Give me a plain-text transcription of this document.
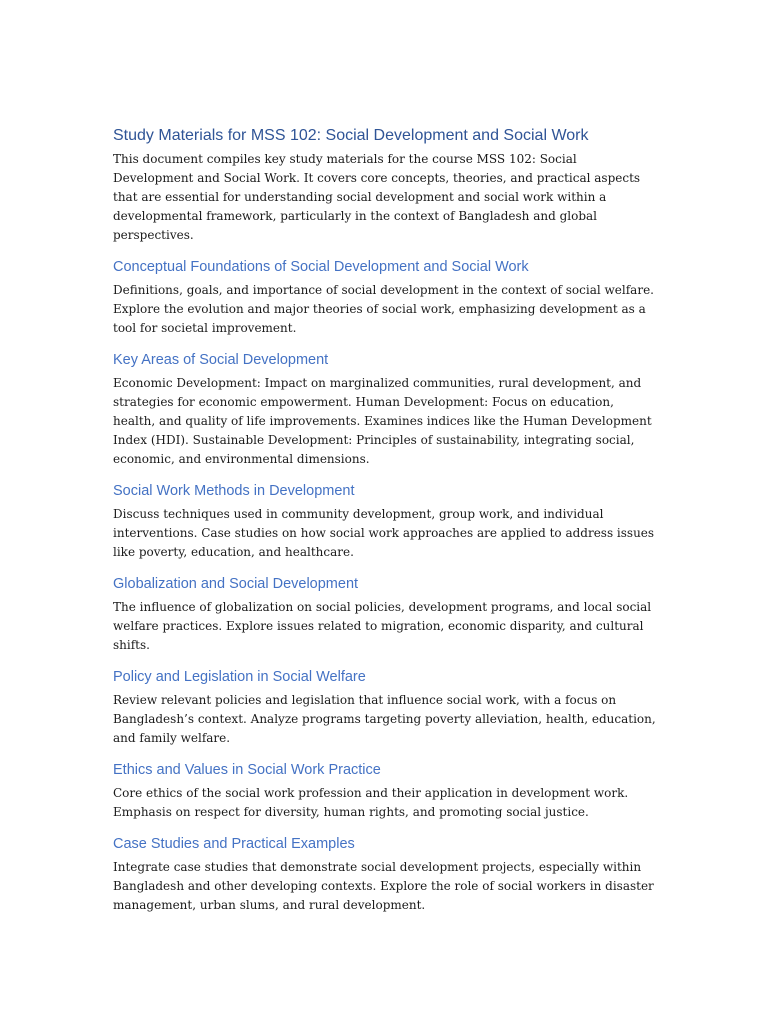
Study Materials for MSS 102: Social Development and Social Work

This document compiles key study materials for the course MSS 102: Social Development and Social Work. It covers core concepts, theories, and practical aspects that are essential for understanding social development and social work within a developmental framework, particularly in the context of Bangladesh and global perspectives.

Conceptual Foundations of Social Development and Social Work

Definitions, goals, and importance of social development in the context of social welfare. Explore the evolution and major theories of social work, emphasizing development as a tool for societal improvement.

Key Areas of Social Development

Economic Development: Impact on marginalized communities, rural development, and strategies for economic empowerment. Human Development: Focus on education, health, and quality of life improvements. Examines indices like the Human Development Index (HDI). Sustainable Development: Principles of sustainability, integrating social, economic, and environmental dimensions.

Social Work Methods in Development

Discuss techniques used in community development, group work, and individual interventions. Case studies on how social work approaches are applied to address issues like poverty, education, and healthcare.

Globalization and Social Development

The influence of globalization on social policies, development programs, and local social welfare practices. Explore issues related to migration, economic disparity, and cultural shifts.

Policy and Legislation in Social Welfare

Review relevant policies and legislation that influence social work, with a focus on Bangladesh’s context. Analyze programs targeting poverty alleviation, health, education, and family welfare.

Ethics and Values in Social Work Practice

Core ethics of the social work profession and their application in development work. Emphasis on respect for diversity, human rights, and promoting social justice.

Case Studies and Practical Examples

Integrate case studies that demonstrate social development projects, especially within Bangladesh and other developing contexts. Explore the role of social workers in disaster management, urban slums, and rural development.
